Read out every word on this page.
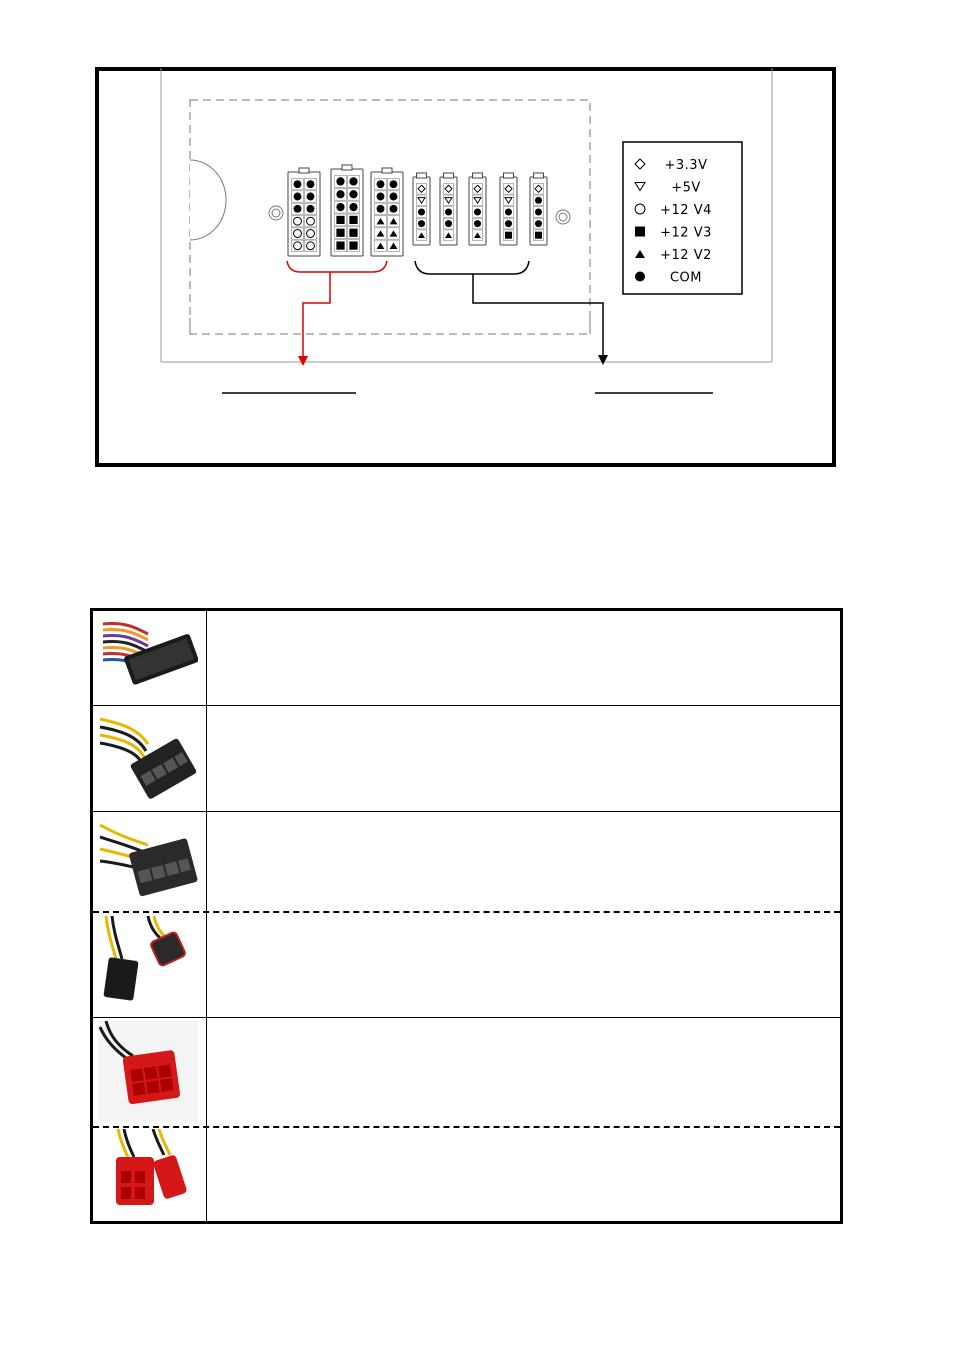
+3.3V
+5V
+12 V4
+12 V3
+12 V2
COM
